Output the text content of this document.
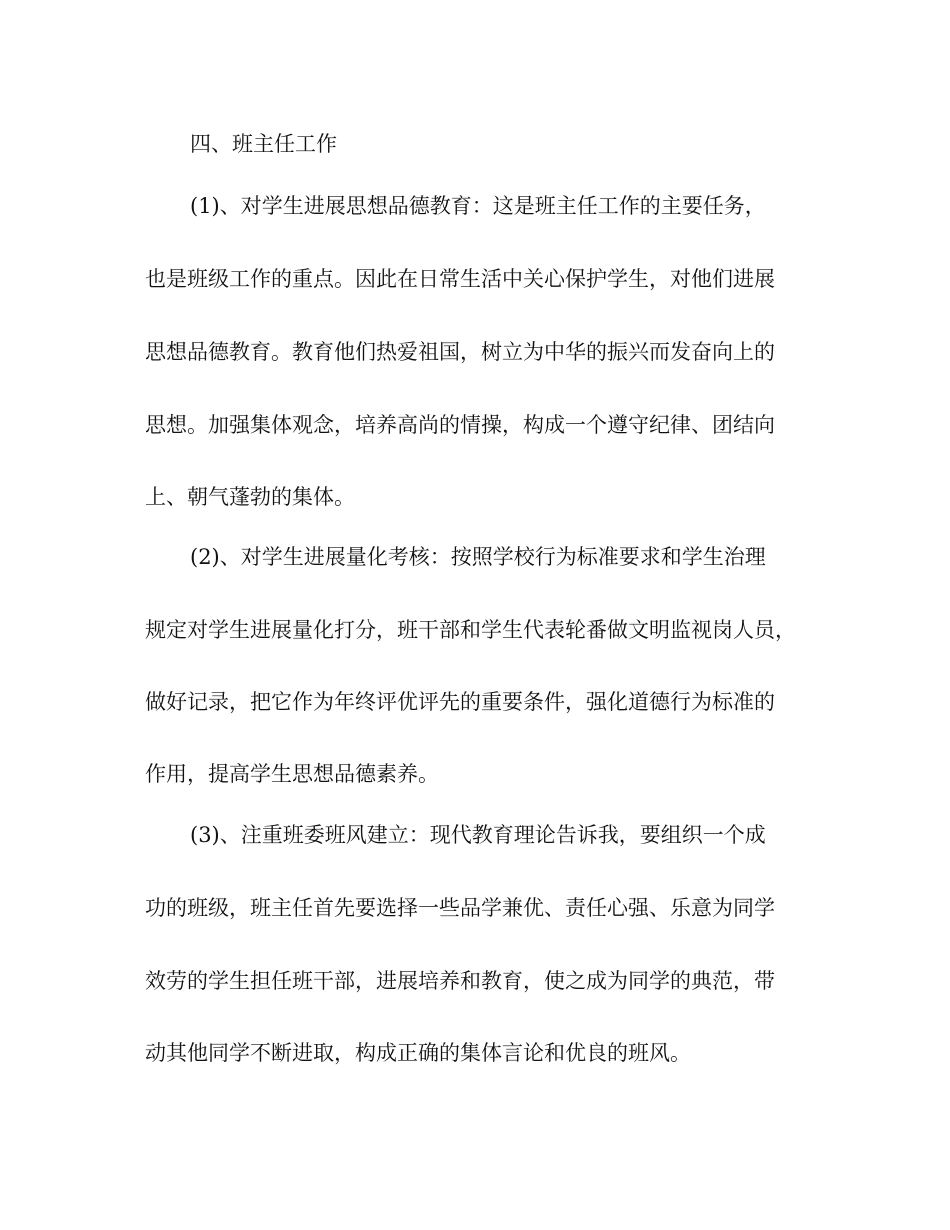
四、班主任工作
(1)、对学生进展思想品德教育：这是班主任工作的主要任务，
也是班级工作的重点。因此在日常生活中关心保护学生，对他们进展
思想品德教育。教育他们热爱祖国，树立为中华的振兴而发奋向上的
思想。加强集体观念，培养高尚的情操，构成一个遵守纪律、团结向
上、朝气蓬勃的集体。
(2)、对学生进展量化考核：按照学校行为标准要求和学生治理
规定对学生进展量化打分，班干部和学生代表轮番做文明监视岗人员，
做好记录，把它作为年终评优评先的重要条件，强化道德行为标准的
作用，提高学生思想品德素养。
(3)、注重班委班风建立：现代教育理论告诉我，要组织一个成
功的班级，班主任首先要选择一些品学兼优、责任心强、乐意为同学
效劳的学生担任班干部，进展培养和教育，使之成为同学的典范，带
动其他同学不断进取，构成正确的集体言论和优良的班风。
